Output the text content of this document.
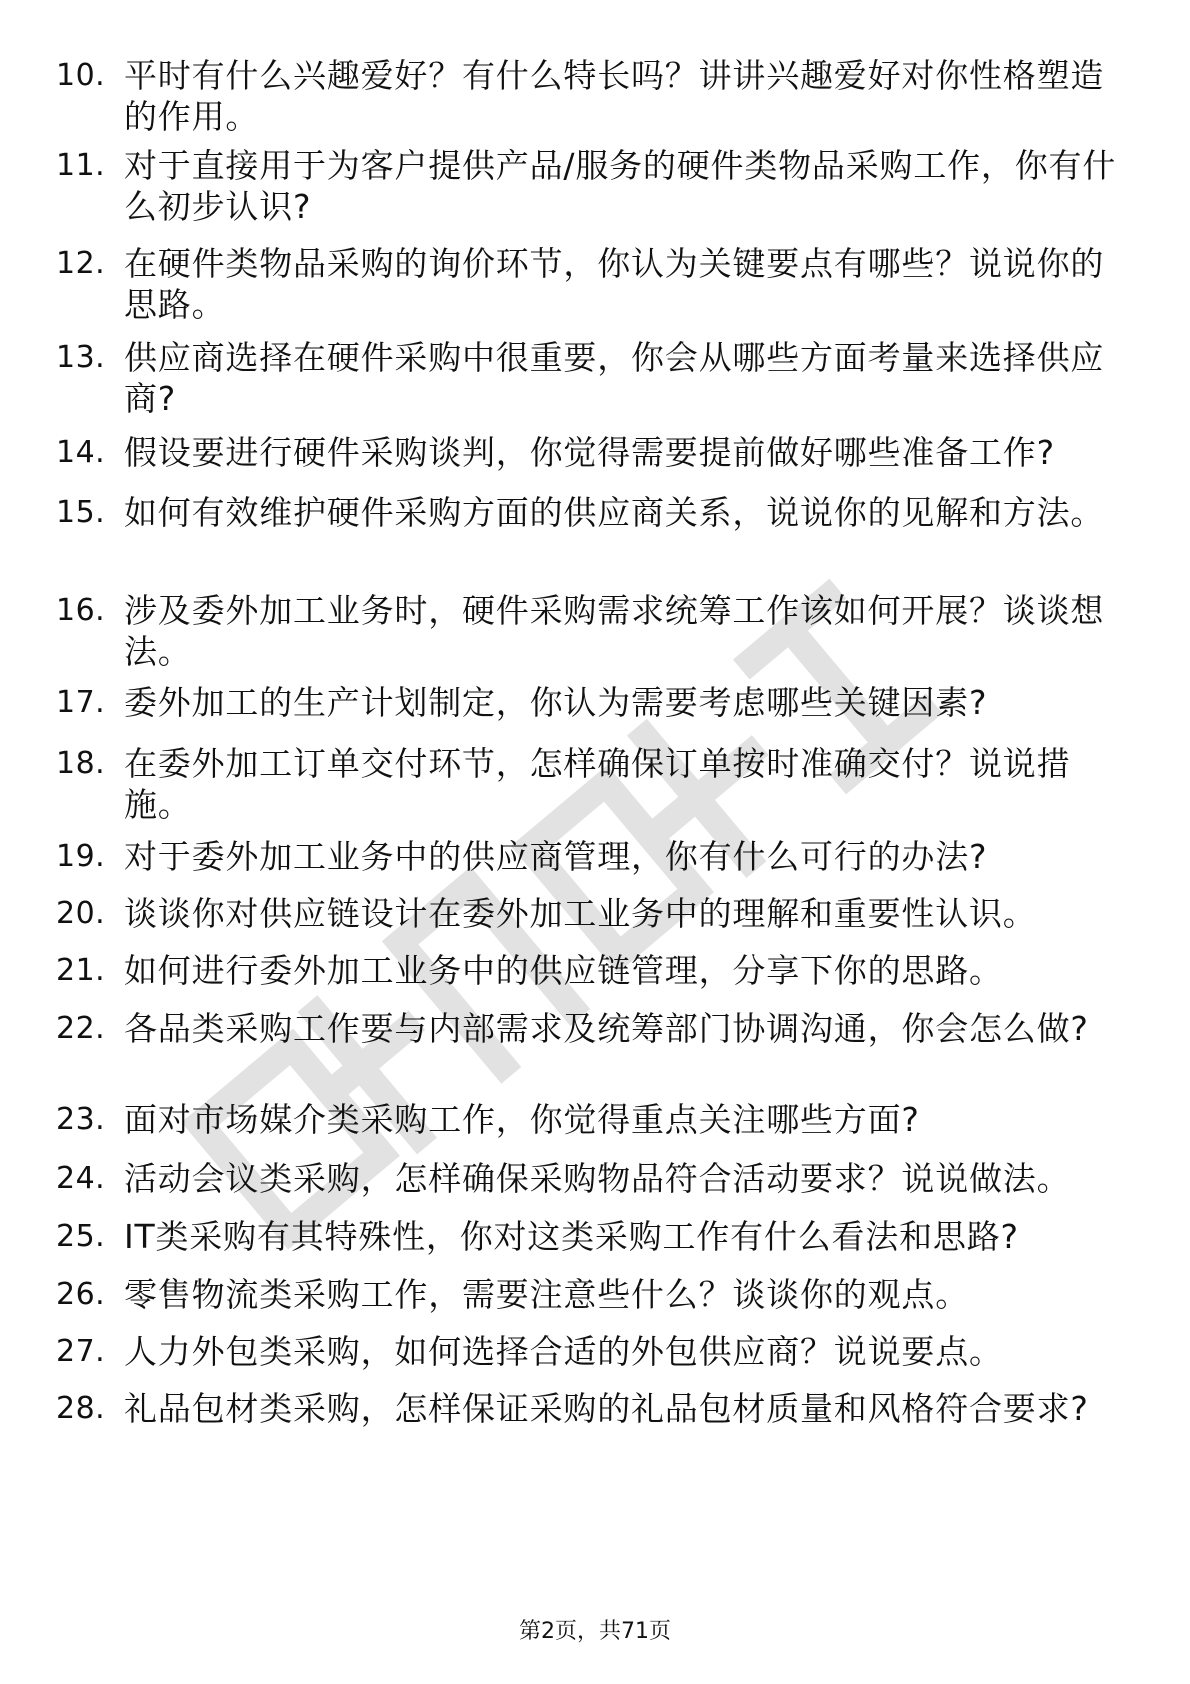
10. 平时有什么兴趣爱好？有什么特长吗？讲讲兴趣爱好对你性格塑造的作用。
11. 对于直接用于为客户提供产品/服务的硬件类物品采购工作，你有什么初步认识?
12. 在硬件类物品采购的询价环节，你认为关键要点有哪些？说说你的思路。
13. 供应商选择在硬件采购中很重要，你会从哪些方面考量来选择供应商?
14. 假设要进行硬件采购谈判，你觉得需要提前做好哪些准备工作?
15. 如何有效维护硬件采购方面的供应商关系，说说你的见解和方法。
16. 涉及委外加工业务时，硬件采购需求统筹工作该如何开展？谈谈想法。
17. 委外加工的生产计划制定，你认为需要考虑哪些关键因素?
18. 在委外加工订单交付环节，怎样确保订单按时准确交付？说说措施。
19. 对于委外加工业务中的供应商管理，你有什么可行的办法?
20. 谈谈你对供应链设计在委外加工业务中的理解和重要性认识。
21. 如何进行委外加工业务中的供应链管理，分享下你的思路。
22. 各品类采购工作要与内部需求及统筹部门协调沟通，你会怎么做?
23. 面对市场媒介类采购工作，你觉得重点关注哪些方面?
24. 活动会议类采购，怎样确保采购物品符合活动要求？说说做法。
25. IT类采购有其特殊性，你对这类采购工作有什么看法和思路?
26. 零售物流类采购工作，需要注意些什么？谈谈你的观点。
27. 人力外包类采购，如何选择合适的外包供应商？说说要点。
28. 礼品包材类采购，怎样保证采购的礼品包材质量和风格符合要求?
第2页，共71页
